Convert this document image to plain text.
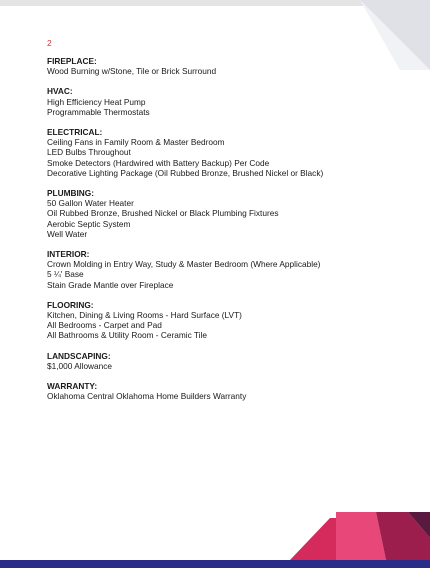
2

FIREPLACE:

Wood Burning w/Stone, Tile or Brick Surround

HVAC:

High Efficiency Heat Pump

Programmable Thermostats

ELECTRICAL:

Ceiling Fans in Family Room & Master Bedroom

LED Bulbs Throughout

Smoke Detectors (Hardwired with Battery Backup) Per Code

Decorative Lighting Package (Oil Rubbed Bronze, Brushed Nickel or Black)

PLUMBING:

50 Gallon Water Heater

Oil Rubbed Bronze, Brushed Nickel or Black Plumbing Fixtures

Aerobic Septic System

Well Water

INTERIOR:

Crown Molding in Entry Way, Study & Master Bedroom (Where Applicable)

5 ¼' Base

Stain Grade Mantle over Fireplace

FLOORING:

Kitchen, Dining & Living Rooms - Hard Surface (LVT)

All Bedrooms - Carpet and Pad

All Bathrooms & Utility Room - Ceramic Tile

LANDSCAPING:

$1,000 Allowance

WARRANTY:

Oklahoma Central Oklahoma Home Builders Warranty
